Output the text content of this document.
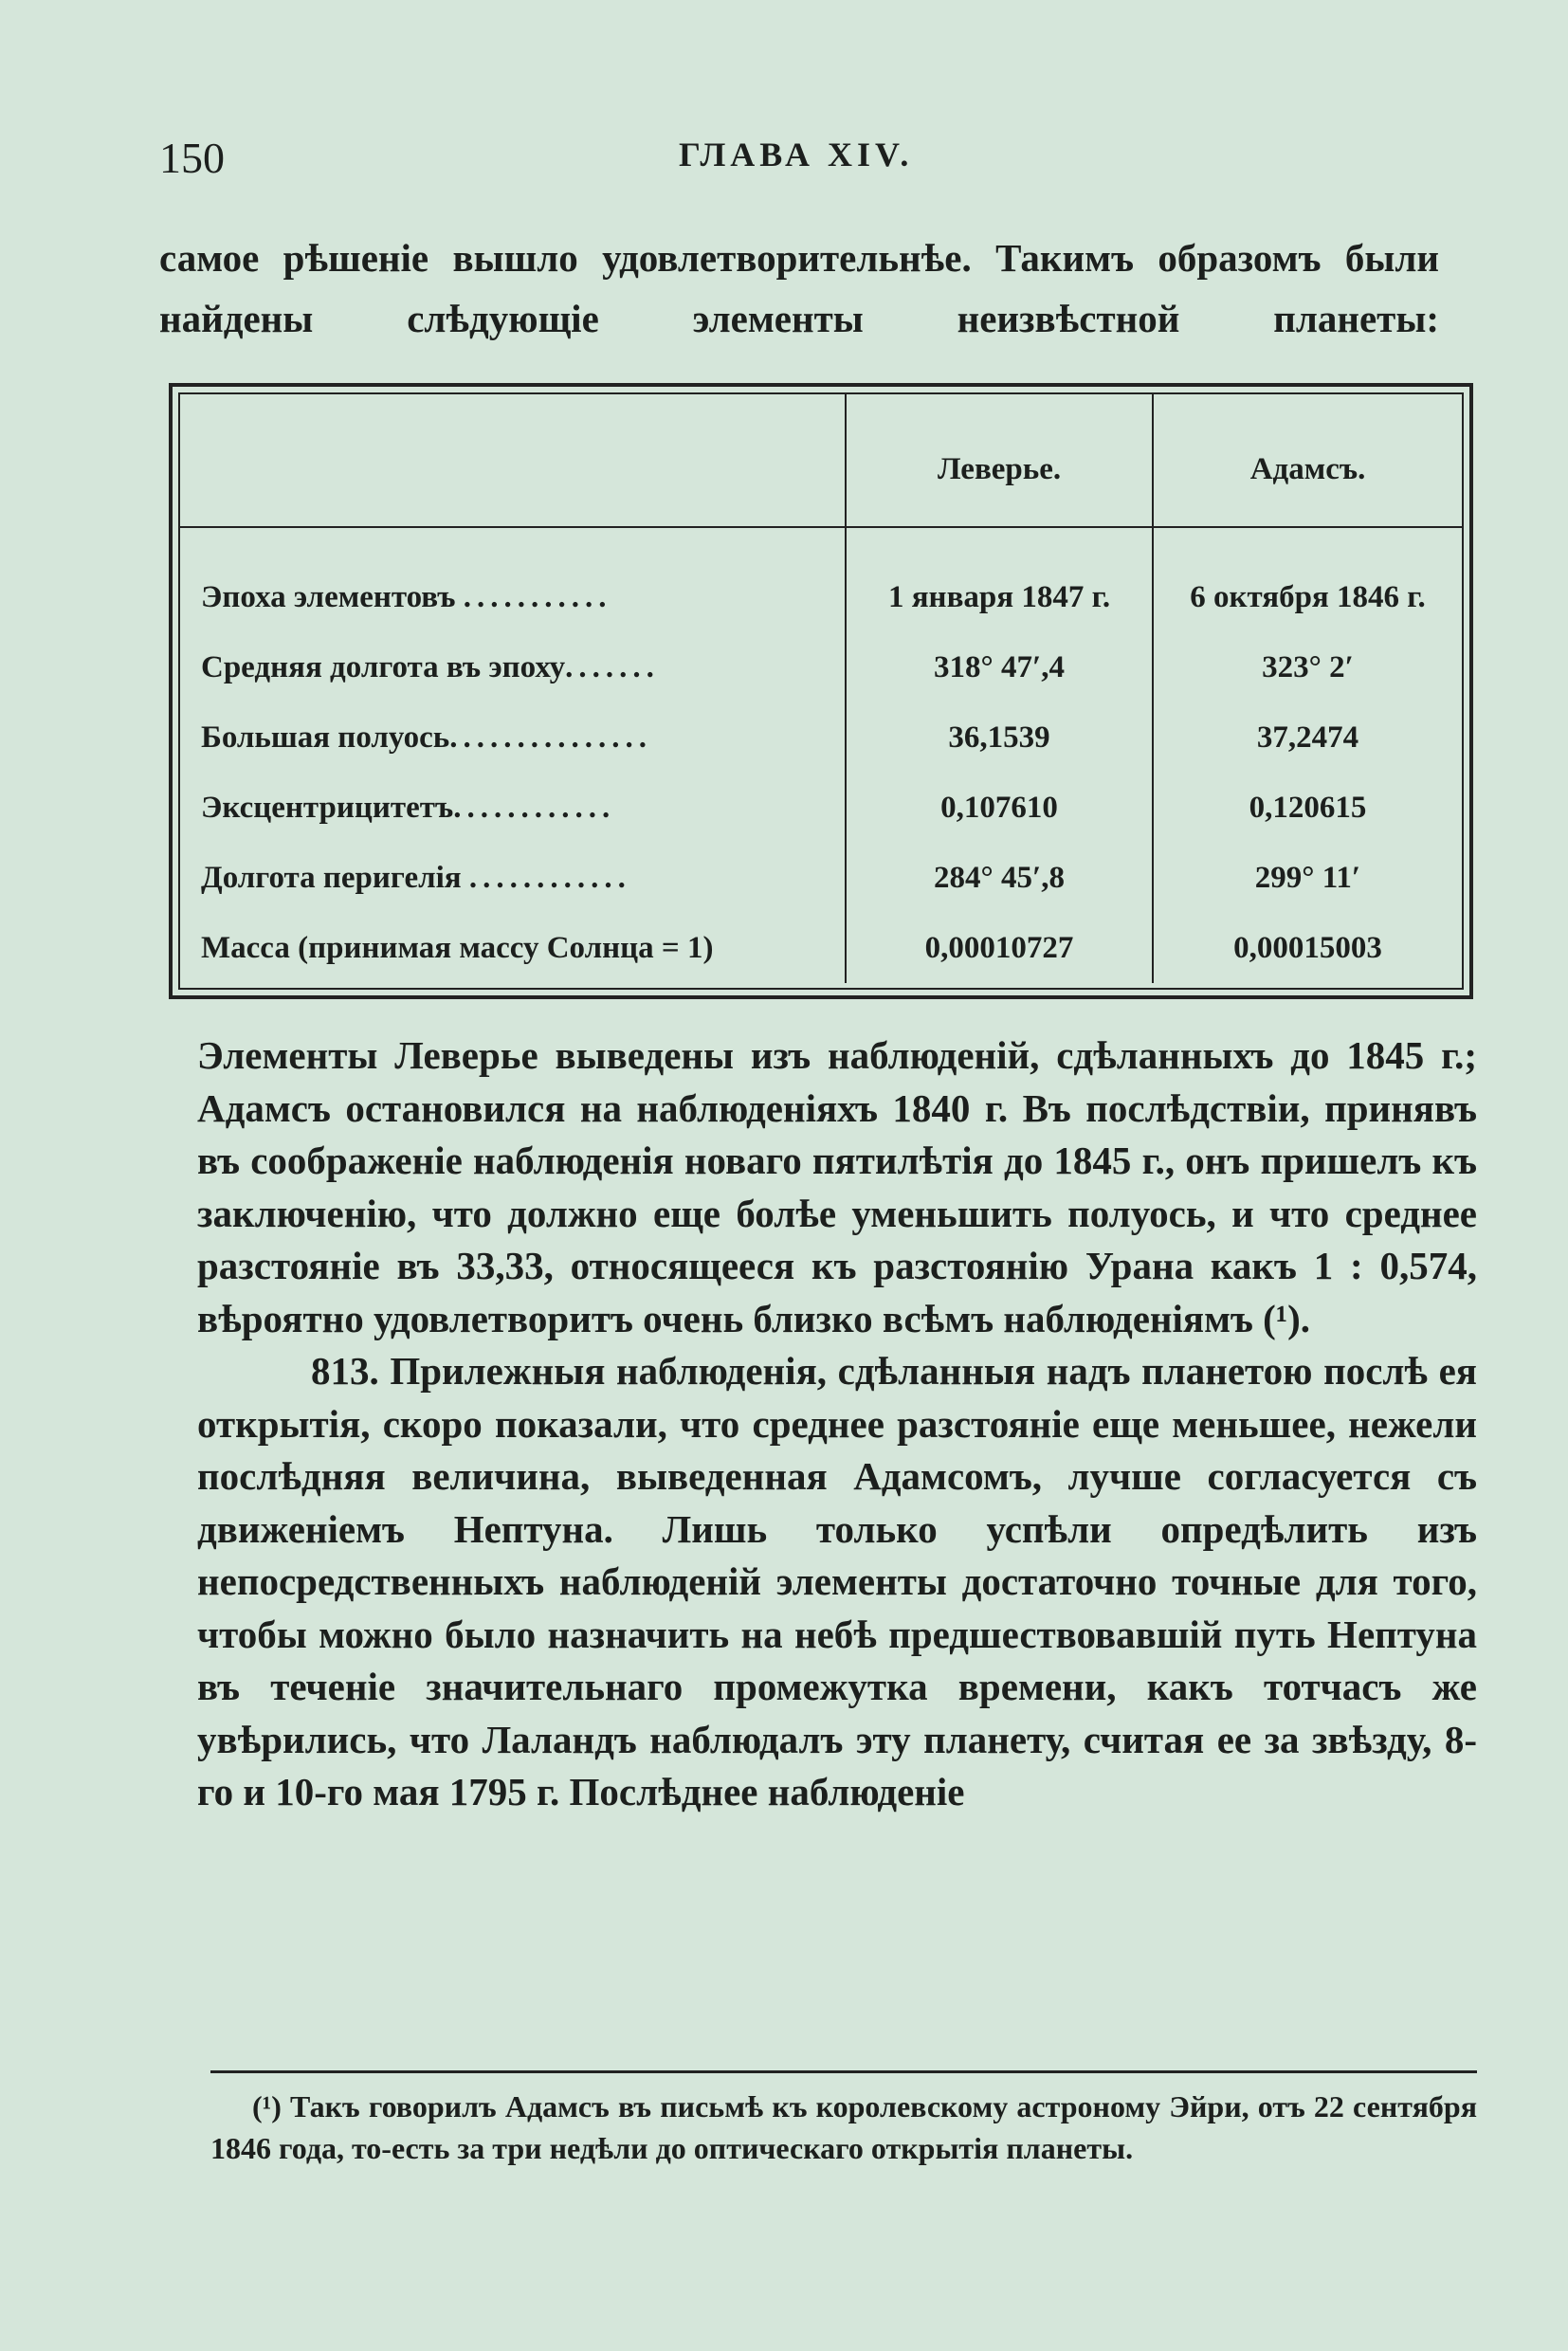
150	ГЛАВА XIV.

самое рѣшеніе вышло удовлетворительнѣе. Такимъ образомъ были найдены слѣдующіе элементы неизвѣстной планеты:

	Леверье.	Адамсъ.
Эпоха элементовъ ...........	1 января 1847 г.	6 октября 1846 г.
Средняя долгота въ эпоху.......	318° 47′,4	323° 2′
Большая полуось...............	36,1539	37,2474
Эксцентрицитетъ............	0,107610	0,120615
Долгота перигелія ............	284° 45′,8	299° 11′
Масса (принимая массу Солнца = 1)	0,00010727	0,00015003

Элементы Леверье выведены изъ наблюденій, сдѣланныхъ до 1845 г.; Адамсъ остановился на наблюденіяхъ 1840 г. Въ послѣдствіи, принявъ въ соображеніе наблюденія новаго пятилѣтія до 1845 г., онъ пришелъ къ заключенію, что должно еще болѣе уменьшить полуось, и что среднее разстояніе въ 33,33, относящееся къ разстоянію Урана какъ 1 : 0,574, вѣроятно удовлетворитъ очень близко всѣмъ наблюденіямъ (¹).

813. Прилежныя наблюденія, сдѣланныя надъ планетою послѣ ея открытія, скоро показали, что среднее разстояніе еще меньшее, нежели послѣдняя величина, выведенная Адамсомъ, лучше согласуется съ движеніемъ Нептуна. Лишь только успѣли опредѣлить изъ непосредственныхъ наблюденій элементы достаточно точные для того, чтобы можно было назначить на небѣ предшествовавшій путь Нептуна въ теченіе значительнаго промежутка времени, какъ тотчасъ же увѣрились, что Лаландъ наблюдалъ эту планету, считая ее за звѣзду, 8-го и 10-го мая 1795 г. Послѣднее наблюденіе

(¹) Такъ говорилъ Адамсъ въ письмѣ къ королевскому астроному Эйри, отъ 22 сентября 1846 года, то-есть за три недѣли до оптическаго открытія планеты.
